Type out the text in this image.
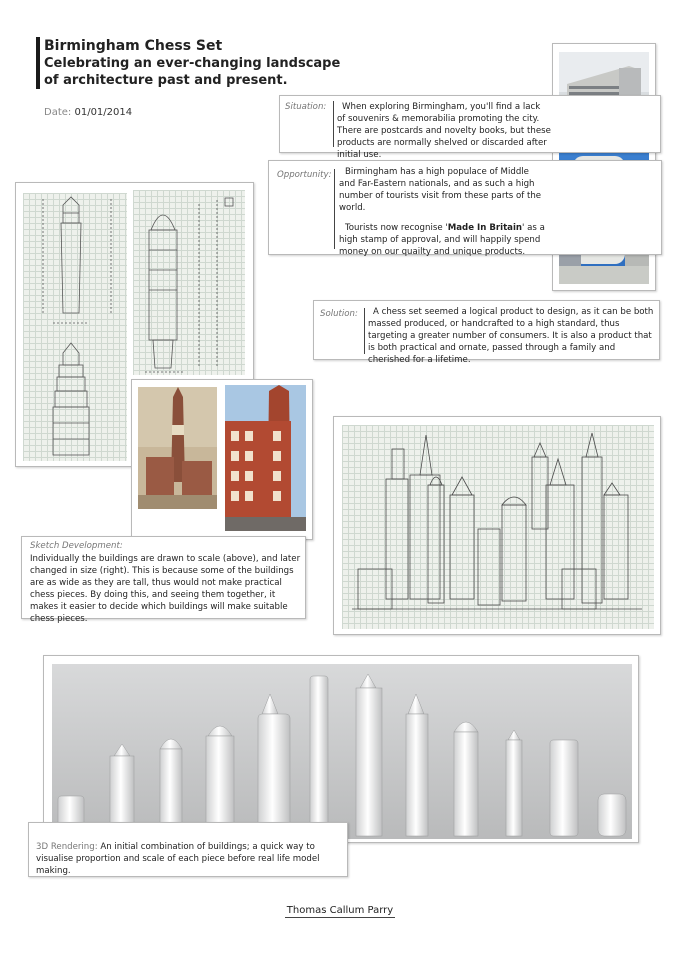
Birmingham Chess Set
Celebrating an ever-changing landscape of architecture past and present.
Date: 01/01/2014	Situation:	When exploring Birmingham, you'll find a lack of souvenirs & memorabilia promoting the city. There are postcards and novelty books, but these products are normally shelved or discarded after initial use.
Opportunity:	Birmingham has a high populace of Middle and Far-Eastern nationals, and as such a high number of tourists visit from these parts of the world.
Tourists now recognise 'Made In Britain' as a high stamp of approval, and will happily spend money on our quailty and unique products.
Solution:	A chess set seemed a logical product to design, as it can be both massed produced, or handcrafted to a high standard, thus targeting a greater number of consumers. It is also a product that is both practical and ornate, passed through a family and cherished for a lifetime.
Sketch Development:
Individually the buildings are drawn to scale (above), and later changed in size (right). This is because some of the buildings are as wide as they are tall, thus would not make practical chess pieces. By doing this, and seeing them together, it makes it easier to decide which buildings will make suitable chess pieces.
3D Rendering: An initial combination of buildings; a quick way to visualise proportion and scale of each piece before real life model making.
Thomas Callum Parry
